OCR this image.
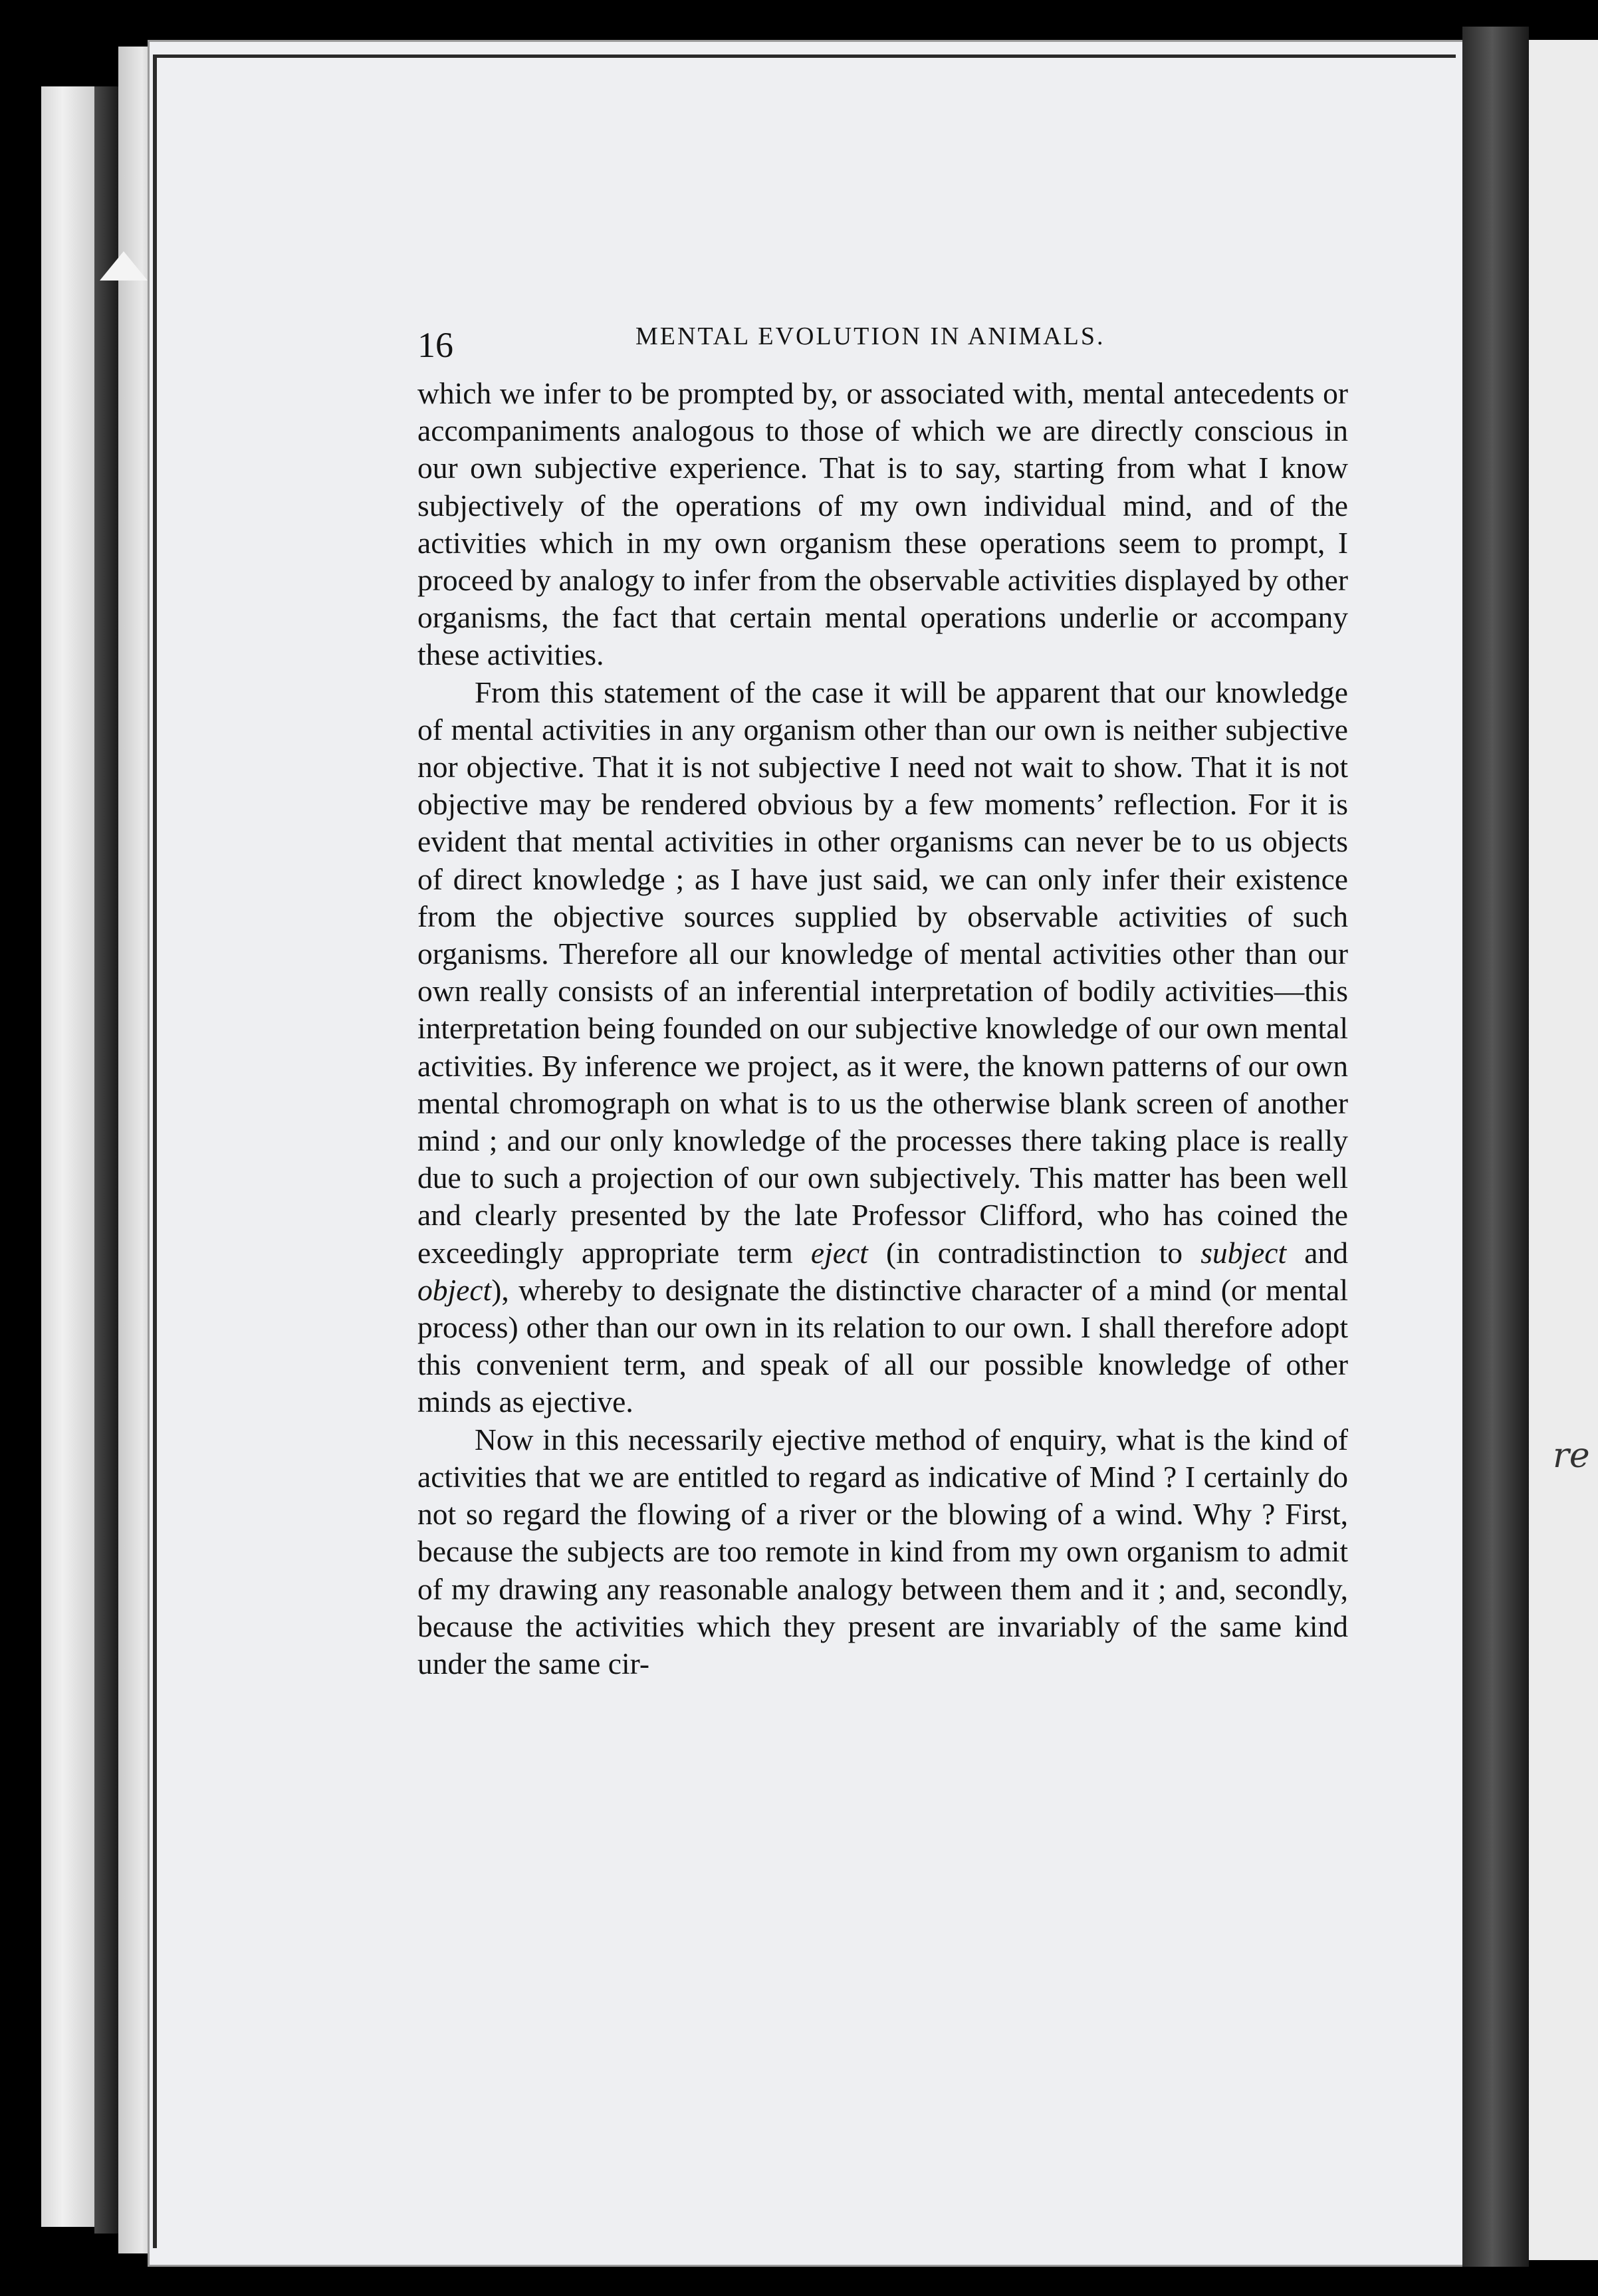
re
16	MENTAL EVOLUTION IN ANIMALS.

which we infer to be prompted by, or associated with, mental antecedents or accompaniments analogous to those of which we are directly conscious in our own subjective experience. That is to say, starting from what I know subjectively of the operations of my own individual mind, and of the activities which in my own organism these operations seem to prompt, I proceed by analogy to infer from the observable activities displayed by other organisms, the fact that certain mental operations underlie or accompany these activities.

From this statement of the case it will be apparent that our knowledge of mental activities in any organism other than our own is neither subjective nor objective. That it is not subjective I need not wait to show. That it is not objective may be rendered obvious by a few moments’ reflection. For it is evident that mental activities in other organisms can never be to us objects of direct knowledge ; as I have just said, we can only infer their existence from the objective sources supplied by observable activities of such organisms. Therefore all our knowledge of mental activities other than our own really consists of an inferential interpretation of bodily activities—this interpretation being founded on our subjective knowledge of our own mental activities. By inference we project, as it were, the known patterns of our own mental chromograph on what is to us the otherwise blank screen of another mind ; and our only knowledge of the processes there taking place is really due to such a projection of our own subjectively. This matter has been well and clearly presented by the late Professor Clifford, who has coined the exceedingly appropriate term eject (in contradistinction to subject and object), whereby to designate the distinctive character of a mind (or mental process) other than our own in its relation to our own. I shall therefore adopt this convenient term, and speak of all our possible knowledge of other minds as ejective.

Now in this necessarily ejective method of enquiry, what is the kind of activities that we are entitled to regard as indicative of Mind ? I certainly do not so regard the flowing of a river or the blowing of a wind. Why ? First, because the subjects are too remote in kind from my own organism to admit of my drawing any reasonable analogy between them and it ; and, secondly, because the activities which they present are invariably of the same kind under the same cir-
